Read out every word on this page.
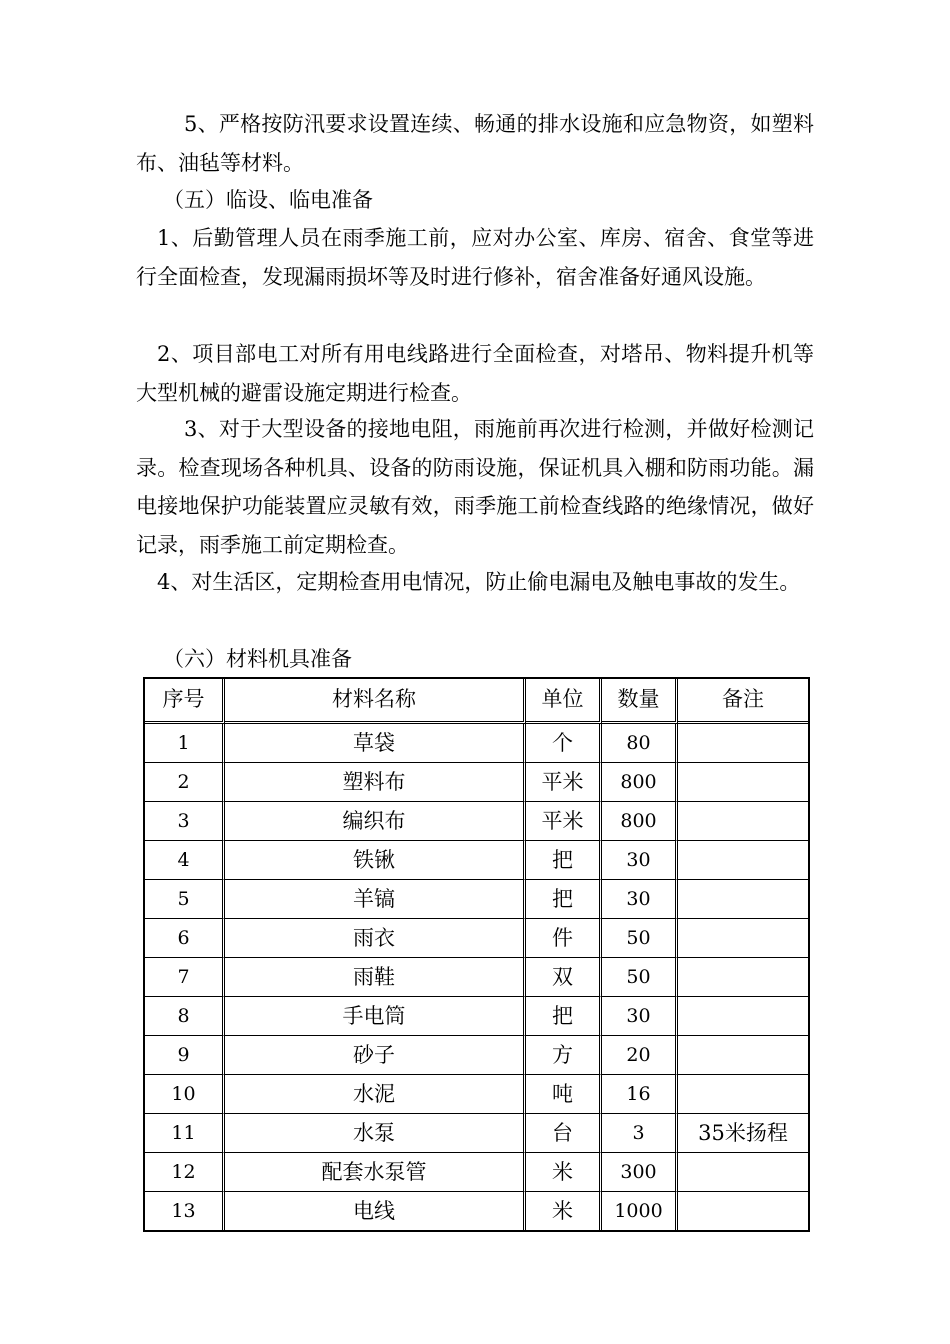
5、严格按防汛要求设置连续、畅通的排水设施和应急物资，如塑料布、油毡等材料。

（五）临设、临电准备

1、后勤管理人员在雨季施工前，应对办公室、库房、宿舍、食堂等进行全面检查，发现漏雨损坏等及时进行修补，宿舍准备好通风设施。

2、项目部电工对所有用电线路进行全面检查，对塔吊、物料提升机等大型机械的避雷设施定期进行检查。

3、对于大型设备的接地电阻，雨施前再次进行检测，并做好检测记录。检查现场各种机具、设备的防雨设施，保证机具入棚和防雨功能。漏电接地保护功能装置应灵敏有效，雨季施工前检查线路的绝缘情况，做好记录，雨季施工前定期检查。

4、对生活区，定期检查用电情况，防止偷电漏电及触电事故的发生。

（六）材料机具准备

序号	材料名称	单位	数量	备注
1	草袋	个	80	
2	塑料布	平米	800	
3	编织布	平米	800	
4	铁锹	把	30	
5	羊镐	把	30	
6	雨衣	件	50	
7	雨鞋	双	50	
8	手电筒	把	30	
9	砂子	方	20	
10	水泥	吨	16	
11	水泵	台	3	35米扬程
12	配套水泵管	米	300	
13	电线	米	1000	
